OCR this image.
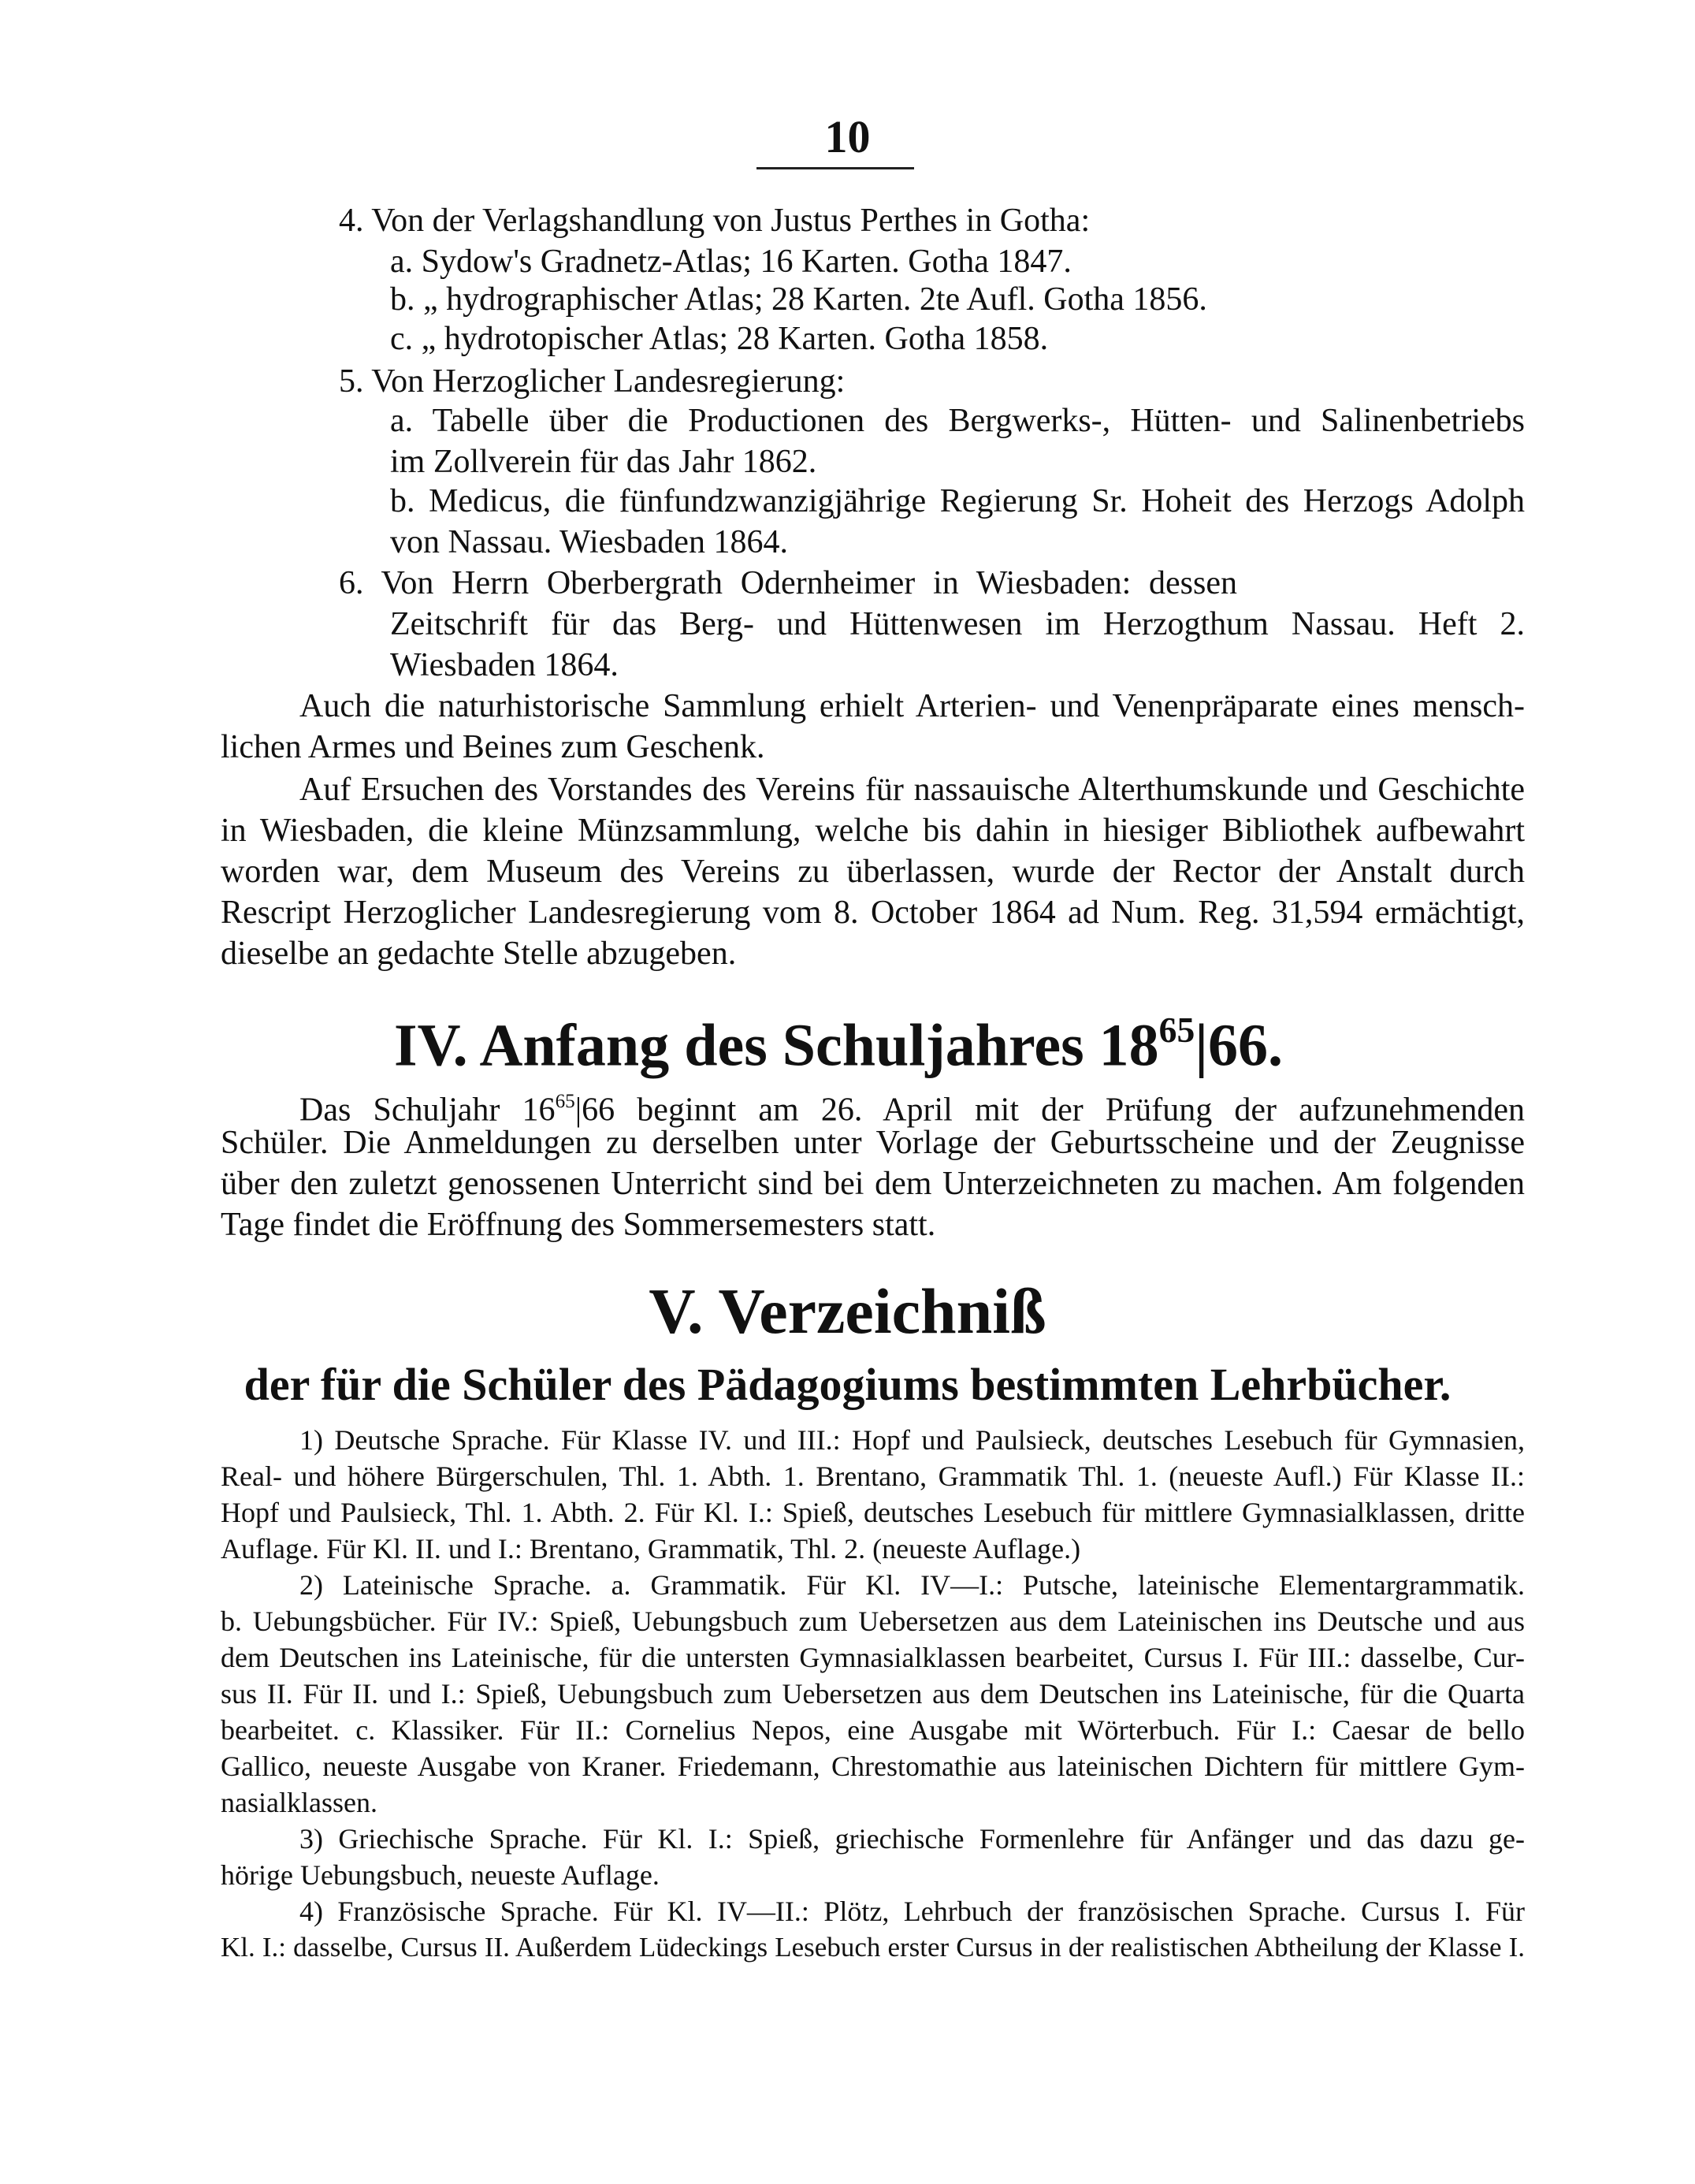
10
4. Von der Verlagshandlung von Justus Perthes in Gotha:
a. Sydow's Gradnetz-Atlas; 16 Karten. Gotha 1847.
b. „ hydrographischer Atlas; 28 Karten. 2te Aufl. Gotha 1856.
c. „ hydrotopischer Atlas; 28 Karten. Gotha 1858.
5. Von Herzoglicher Landesregierung:
a. Tabelle über die Productionen des Bergwerks-, Hütten- und Salinenbetriebs
im Zollverein für das Jahr 1862.
b. Medicus, die fünfundzwanzigjährige Regierung Sr. Hoheit des Herzogs Adolph
von Nassau. Wiesbaden 1864.
6. Von Herrn Oberbergrath Odernheimer in Wiesbaden: dessen
Zeitschrift für das Berg- und Hüttenwesen im Herzogthum Nassau. Heft 2.
Wiesbaden 1864.
Auch die naturhistorische Sammlung erhielt Arterien- und Venenpräparate eines mensch-
lichen Armes und Beines zum Geschenk.
Auf Ersuchen des Vorstandes des Vereins für nassauische Alterthumskunde und Geschichte
in Wiesbaden, die kleine Münzsammlung, welche bis dahin in hiesiger Bibliothek aufbewahrt
worden war, dem Museum des Vereins zu überlassen, wurde der Rector der Anstalt durch
Rescript Herzoglicher Landesregierung vom 8. October 1864 ad Num. Reg. 31,594 ermächtigt,
dieselbe an gedachte Stelle abzugeben.
IV. Anfang des Schuljahres $18^{65}|66$.
Das Schuljahr $16^{65}|66$ beginnt am 26. April mit der Prüfung der aufzunehmenden
Schüler. Die Anmeldungen zu derselben unter Vorlage der Geburtsscheine und der Zeugnisse
über den zuletzt genossenen Unterricht sind bei dem Unterzeichneten zu machen. Am folgenden
Tage findet die Eröffnung des Sommersemesters statt.
V. Verzeichniß
der für die Schüler des Pädagogiums bestimmten Lehrbücher.
1) Deutsche Sprache. Für Klasse IV. und III.: Hopf und Paulsieck, deutsches Lesebuch für Gymnasien,
Real- und höhere Bürgerschulen, Thl. 1. Abth. 1. Brentano, Grammatik Thl. 1. (neueste Aufl.) Für Klasse II.:
Hopf und Paulsieck, Thl. 1. Abth. 2. Für Kl. I.: Spieß, deutsches Lesebuch für mittlere Gymnasialklassen, dritte
Auflage. Für Kl. II. und I.: Brentano, Grammatik, Thl. 2. (neueste Auflage.)
2) Lateinische Sprache. a. Grammatik. Für Kl. IV—I.: Putsche, lateinische Elementargrammatik.
b. Uebungsbücher. Für IV.: Spieß, Uebungsbuch zum Uebersetzen aus dem Lateinischen ins Deutsche und aus
dem Deutschen ins Lateinische, für die untersten Gymnasialklassen bearbeitet, Cursus I. Für III.: dasselbe, Cur-
sus II. Für II. und I.: Spieß, Uebungsbuch zum Uebersetzen aus dem Deutschen ins Lateinische, für die Quarta
bearbeitet. c. Klassiker. Für II.: Cornelius Nepos, eine Ausgabe mit Wörterbuch. Für I.: Caesar de bello
Gallico, neueste Ausgabe von Kraner. Friedemann, Chrestomathie aus lateinischen Dichtern für mittlere Gym-
nasialklassen.
3) Griechische Sprache. Für Kl. I.: Spieß, griechische Formenlehre für Anfänger und das dazu ge-
hörige Uebungsbuch, neueste Auflage.
4) Französische Sprache. Für Kl. IV—II.: Plötz, Lehrbuch der französischen Sprache. Cursus I. Für
Kl. I.: dasselbe, Cursus II. Außerdem Lüdeckings Lesebuch erster Cursus in der realistischen Abtheilung der Klasse I.
